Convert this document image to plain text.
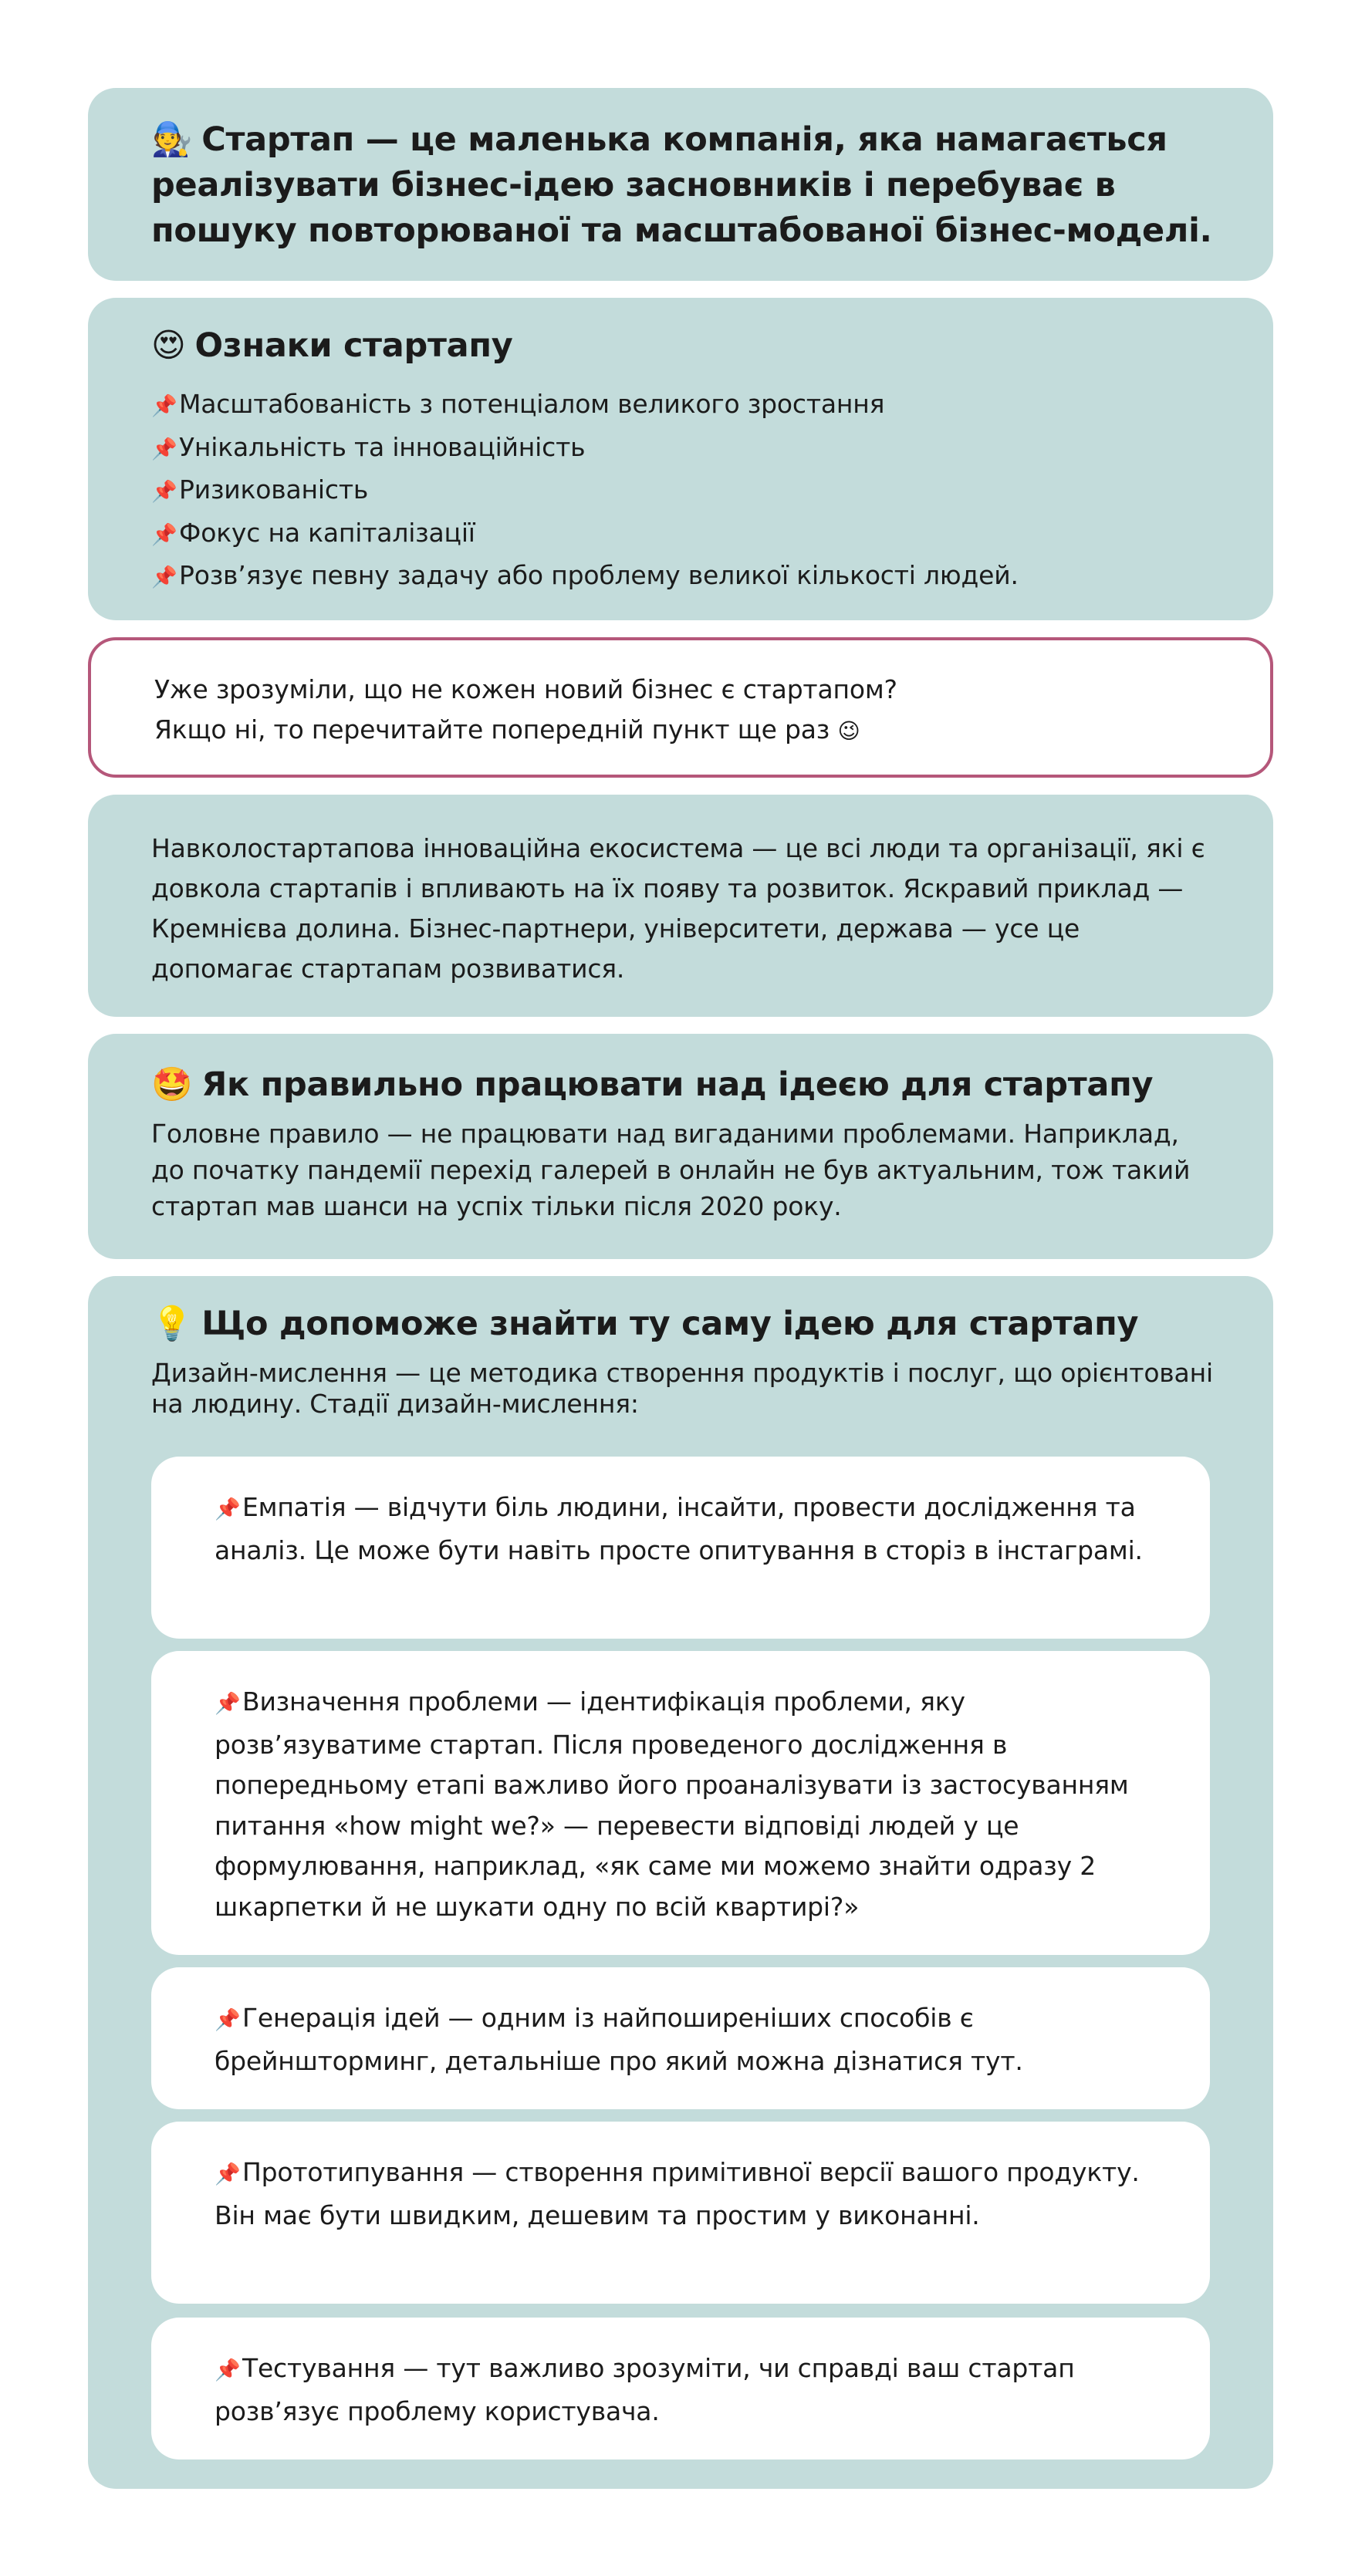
🧑‍🔧 Стартап — це маленька компанія, яка намагається реалізувати бізнес-ідею засновників і перебуває в пошуку повторюваної та масштабованої бізнес-моделі.

😍 Ознаки стартапу
📌Масштабованість з потенціалом великого зростання
📌Унікальність та інноваційність
📌Ризикованість
📌Фокус на капіталізації
📌Розв’язує певну задачу або проблему великої кількості людей.

Уже зрозуміли, що не кожен новий бізнес є стартапом?

Якщо ні, то перечитайте попередній пункт ще раз 😉

Навколостартапова інноваційна екосистема — це всі люди та організації, які є довкола стартапів і впливають на їх появу та розвиток. Яскравий приклад — Кремнієва долина. Бізнес-партнери, університети, держава — усе це допомагає стартапам розвиватися.

🤩 Як правильно працювати над ідеєю для стартапу

Головне правило — не працювати над вигаданими проблемами. Наприклад, до початку пандемії перехід галерей в онлайн не був актуальним, тож такий стартап мав шанси на успіх тільки після 2020 року.

💡 Що допоможе знайти ту саму ідею для стартапу

Дизайн-мислення — це методика створення продуктів і послуг, що орієнтовані на людину. Стадії дизайн-мислення:

📌Емпатія — відчути біль людини, інсайти, провести дослідження та аналіз. Це може бути навіть просте опитування в сторіз в інстаграмі.

📌Визначення проблеми — ідентифікація проблеми, яку розв’язуватиме стартап. Після проведеного дослідження в попередньому етапі важливо його проаналізувати із застосуванням питання «how might we?» — перевести відповіді людей у це формулювання, наприклад, «як саме ми можемо знайти одразу 2 шкарпетки й не шукати одну по всій квартирі?»

📌Генерація ідей — одним із найпоширеніших способів є брейншторминг, детальніше про який можна дізнатися тут.

📌Прототипування — створення примітивної версії вашого продукту. Він має бути швидким, дешевим та простим у виконанні.

📌Тестування — тут важливо зрозуміти, чи справді ваш стартап розв’язує проблему користувача.
